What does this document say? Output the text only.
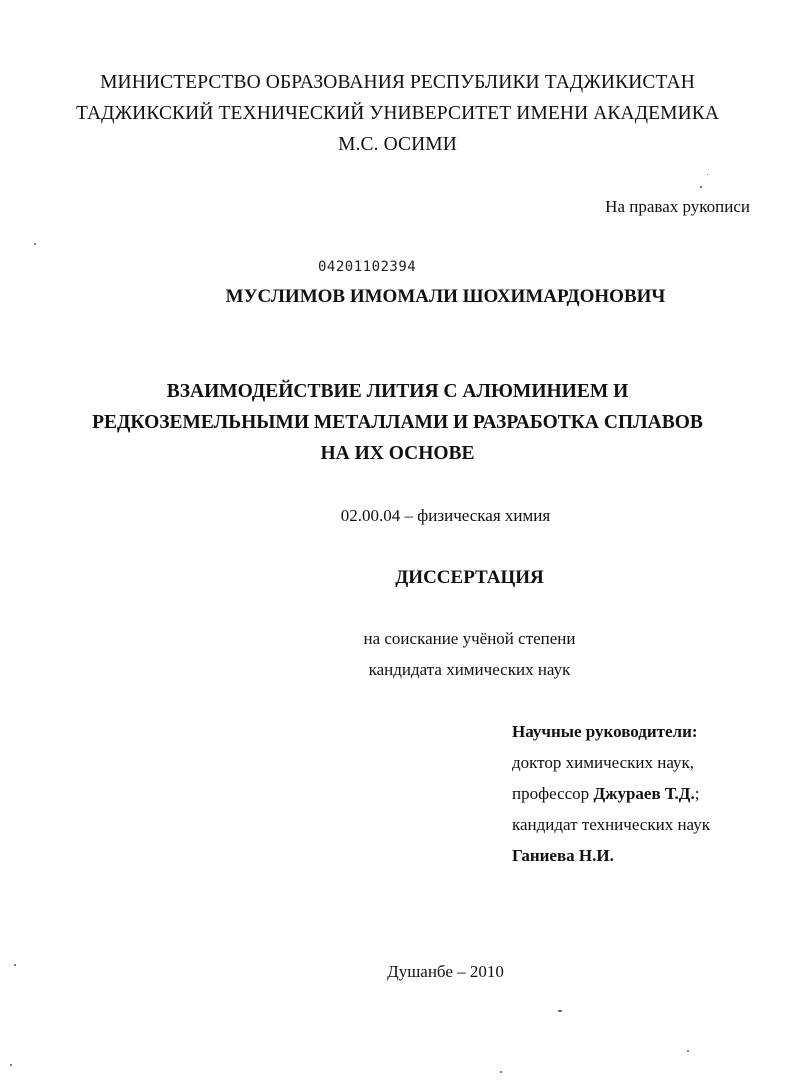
МИНИСТЕРСТВО ОБРАЗОВАНИЯ РЕСПУБЛИКИ ТАДЖИКИСТАН
ТАДЖИКСКИЙ ТЕХНИЧЕСКИЙ УНИВЕРСИТЕТ ИМЕНИ АКАДЕМИКА
М.С. ОСИМИ
На правах рукописи
04201102394
МУСЛИМОВ ИМОМАЛИ ШОХИМАРДОНОВИЧ
ВЗАИМОДЕЙСТВИЕ ЛИТИЯ С АЛЮМИНИЕМ И
РЕДКОЗЕМЕЛЬНЫМИ МЕТАЛЛАМИ И РАЗРАБОТКА СПЛАВОВ
НА ИХ ОСНОВЕ
02.00.04 – физическая химия
ДИССЕРТАЦИЯ
на соискание учёной степени
кандидата химических наук
Научные руководители:
доктор химических наук,
профессор Джураев Т.Д.;
кандидат технических наук
Ганиева Н.И.
Душанбе – 2010
